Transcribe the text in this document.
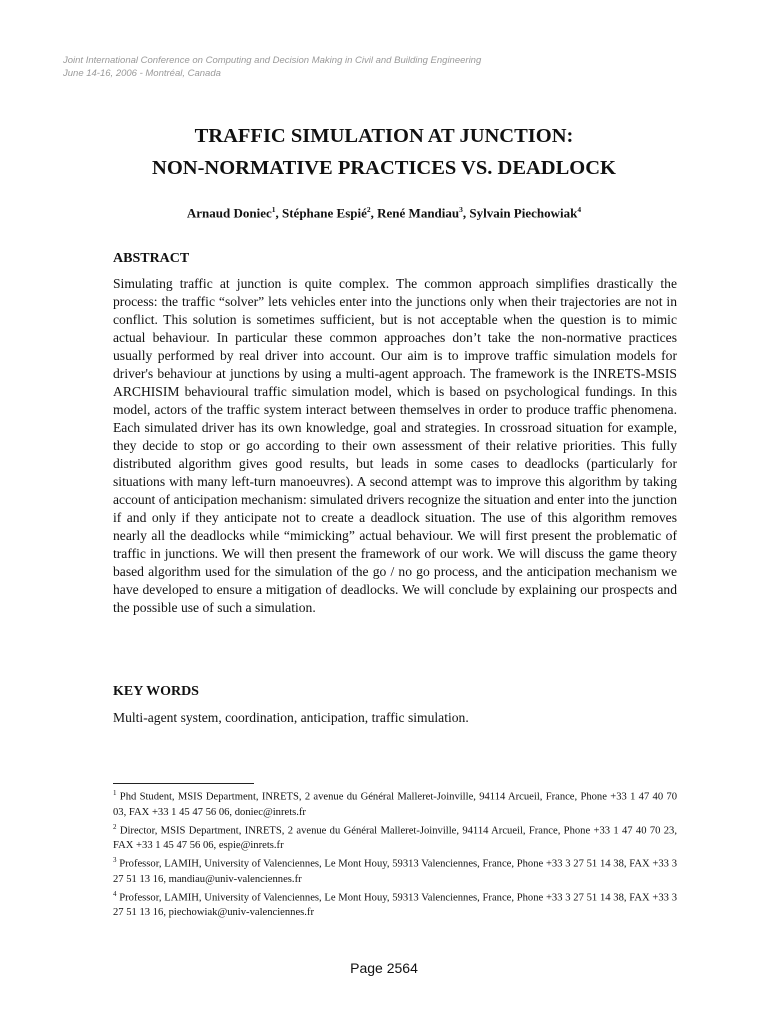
Joint International Conference on Computing and Decision Making in Civil and Building Engineering
June 14-16, 2006 - Montréal, Canada
TRAFFIC SIMULATION AT JUNCTION:
NON-NORMATIVE PRACTICES VS. DEADLOCK
Arnaud Doniec$^1$, Stéphane Espié$^2$, René Mandiau$^3$, Sylvain Piechowiak$^4$
ABSTRACT
Simulating traffic at junction is quite complex. The common approach simplifies drastically the process: the traffic “solver” lets vehicles enter into the junctions only when their trajectories are not in conflict. This solution is sometimes sufficient, but is not acceptable when the question is to mimic actual behaviour. In particular these common approaches don’t take the non-normative practices usually performed by real driver into account. Our aim is to improve traffic simulation models for driver's behaviour at junctions by using a multi-agent approach. The framework is the INRETS-MSIS ARCHISIM behavioural traffic simulation model, which is based on psychological fundings. In this model, actors of the traffic system interact between themselves in order to produce traffic phenomena. Each simulated driver has its own knowledge, goal and strategies. In crossroad situation for example, they decide to stop or go according to their own assessment of their relative priorities. This fully distributed algorithm gives good results, but leads in some cases to deadlocks (particularly for situations with many left-turn manoeuvres). A second attempt was to improve this algorithm by taking account of anticipation mechanism: simulated drivers recognize the situation and enter into the junction if and only if they anticipate not to create a deadlock situation. The use of this algorithm removes nearly all the deadlocks while “mimicking” actual behaviour. We will first present the problematic of traffic in junctions. We will then present the framework of our work. We will discuss the game theory based algorithm used for the simulation of the go / no go process, and the anticipation mechanism we have developed to ensure a mitigation of deadlocks. We will conclude by explaining our prospects and the possible use of such a simulation.
KEY WORDS
Multi-agent system, coordination, anticipation, traffic simulation.

$^1$ Phd Student, MSIS Department, INRETS, 2 avenue du Général Malleret-Joinville, 94114 Arcueil, France, Phone +33 1 47 40 70 03, FAX +33 1 45 47 56 06, doniec@inrets.fr

$^2$ Director, MSIS Department, INRETS, 2 avenue du Général Malleret-Joinville, 94114 Arcueil, France, Phone +33 1 47 40 70 23, FAX +33 1 45 47 56 06, espie@inrets.fr

$^3$ Professor, LAMIH, University of Valenciennes, Le Mont Houy, 59313 Valenciennes, France, Phone +33 3 27 51 14 38, FAX +33 3 27 51 13 16, mandiau@univ-valenciennes.fr

$^4$ Professor, LAMIH, University of Valenciennes, Le Mont Houy, 59313 Valenciennes, France, Phone +33 3 27 51 14 38, FAX +33 3 27 51 13 16, piechowiak@univ-valenciennes.fr

Page 2564
